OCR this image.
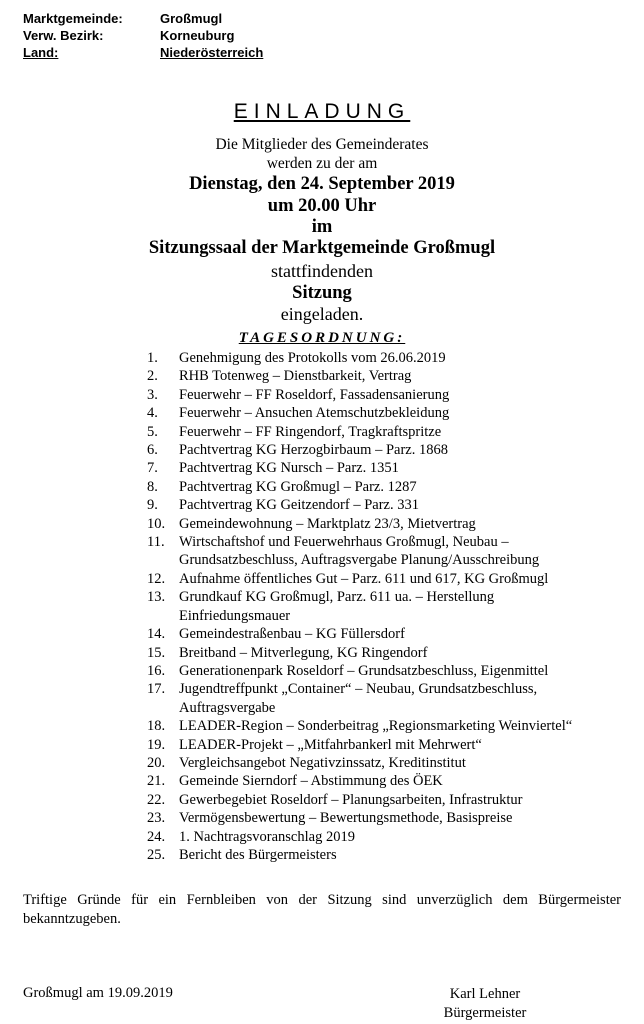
Marktgemeinde:	Großmugl
Verw. Bezirk:	Korneuburg
Land:	Niederösterreich
EINLADUNG
Die Mitglieder des Gemeinderates
werden zu der am
Dienstag, den 24. September 2019
um 20.00 Uhr
im
Sitzungssaal der Marktgemeinde Großmugl
stattfindenden
Sitzung
eingeladen.
TAGESORDNUNG:
1.	Genehmigung des Protokolls vom 26.06.2019
2.	RHB Totenweg – Dienstbarkeit, Vertrag
3.	Feuerwehr – FF Roseldorf, Fassadensanierung
4.	Feuerwehr – Ansuchen Atemschutzbekleidung
5.	Feuerwehr – FF Ringendorf, Tragkraftspritze
6.	Pachtvertrag KG Herzogbirbaum – Parz. 1868
7.	Pachtvertrag KG Nursch – Parz. 1351
8.	Pachtvertrag KG Großmugl – Parz. 1287
9.	Pachtvertrag KG Geitzendorf – Parz. 331
10. Gemeindewohnung – Marktplatz 23/3, Mietvertrag
11. Wirtschaftshof und Feuerwehrhaus Großmugl, Neubau –
Grundsatzbeschluss, Auftragsvergabe Planung/Ausschreibung
12. Aufnahme öffentliches Gut – Parz. 611 und 617, KG Großmugl
13. Grundkauf KG Großmugl, Parz. 611 ua. – Herstellung
Einfriedungsmauer
14. Gemeindestraßenbau – KG Füllersdorf
15. Breitband – Mitverlegung, KG Ringendorf
16. Generationenpark Roseldorf – Grundsatzbeschluss, Eigenmittel
17. Jugendtreffpunkt „Container“ – Neubau, Grundsatzbeschluss,
Auftragsvergabe
18. LEADER-Region – Sonderbeitrag „Regionsmarketing Weinviertel“
19. LEADER-Projekt – „Mitfahrbankerl mit Mehrwert“
20. Vergleichsangebot Negativzinssatz, Kreditinstitut
21. Gemeinde Sierndorf – Abstimmung des ÖEK
22. Gewerbegebiet Roseldorf – Planungsarbeiten, Infrastruktur
23. Vermögensbewertung – Bewertungsmethode, Basispreise
24. 1. Nachtragsvoranschlag 2019
25. Bericht des Bürgermeisters
Triftige Gründe für ein Fernbleiben von der Sitzung sind unverzüglich dem Bürgermeister bekanntzugeben.
Großmugl am 19.09.2019	Karl Lehner
Bürgermeister
